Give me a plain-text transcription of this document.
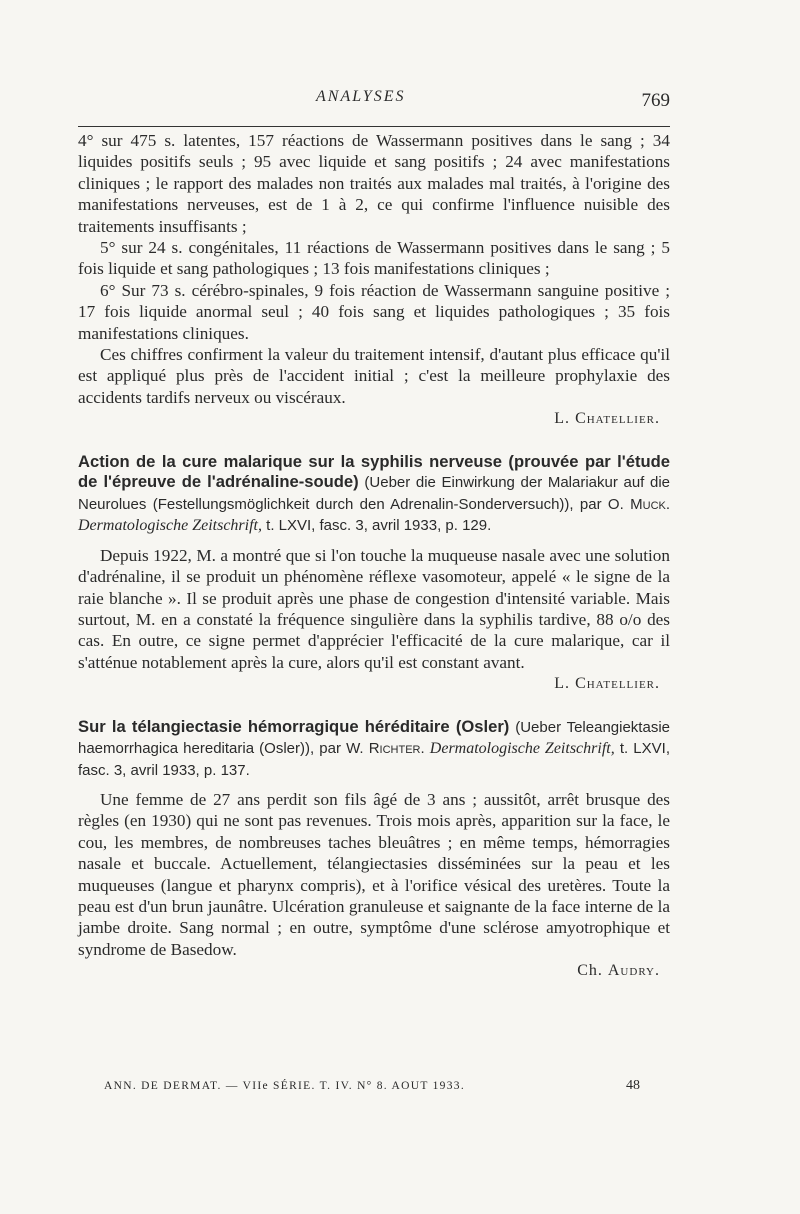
ANALYSES	769

4° sur 475 s. latentes, 157 réactions de Wassermann positives dans le sang ; 34 liquides positifs seuls ; 95 avec liquide et sang positifs ; 24 avec manifestations cliniques ; le rapport des malades non traités aux malades mal traités, à l'origine des manifestations nerveuses, est de 1 à 2, ce qui confirme l'influence nuisible des traitements insuffisants ;

5° sur 24 s. congénitales, 11 réactions de Wassermann positives dans le sang ; 5 fois liquide et sang pathologiques ; 13 fois manifestations cliniques ;

6° Sur 73 s. cérébro-spinales, 9 fois réaction de Wassermann sanguine positive ; 17 fois liquide anormal seul ; 40 fois sang et liquides pathologiques ; 35 fois manifestations cliniques.

Ces chiffres confirment la valeur du traitement intensif, d'autant plus efficace qu'il est appliqué plus près de l'accident initial ; c'est la meilleure prophylaxie des accidents tardifs nerveux ou viscéraux.

L. Chatellier.

Action de la cure malarique sur la syphilis nerveuse (prouvée par l'étude de l'épreuve de l'adrénaline-soude) (Ueber die Einwirkung der Malariakur auf die Neurolues (Festellungsmöglichkeit durch den Adrenalin-Sonderversuch)), par O. Muck. Dermatologische Zeitschrift, t. LXVI, fasc. 3, avril 1933, p. 129.

Depuis 1922, M. a montré que si l'on touche la muqueuse nasale avec une solution d'adrénaline, il se produit un phénomène réflexe vasomoteur, appelé « le signe de la raie blanche ». Il se produit après une phase de congestion d'intensité variable. Mais surtout, M. en a constaté la fréquence singulière dans la syphilis tardive, 88 o/o des cas. En outre, ce signe permet d'apprécier l'efficacité de la cure malarique, car il s'atténue notablement après la cure, alors qu'il est constant avant.

L. Chatellier.

Sur la télangiectasie hémorragique héréditaire (Osler) (Ueber Teleangiektasie haemorrhagica hereditaria (Osler)), par W. Richter. Dermatologische Zeitschrift, t. LXVI, fasc. 3, avril 1933, p. 137.

Une femme de 27 ans perdit son fils âgé de 3 ans ; aussitôt, arrêt brusque des règles (en 1930) qui ne sont pas revenues. Trois mois après, apparition sur la face, le cou, les membres, de nombreuses taches bleuâtres ; en même temps, hémorragies nasale et buccale. Actuellement, télangiectasies disséminées sur la peau et les muqueuses (langue et pharynx compris), et à l'orifice vésical des uretères. Toute la peau est d'un brun jaunâtre. Ulcération granuleuse et saignante de la face interne de la jambe droite. Sang normal ; en outre, symptôme d'une sclérose amyotrophique et syndrome de Basedow.

Ch. Audry.
ANN. DE DERMAT. — VIIe SÉRIE. T. IV. N° 8. AOUT 1933.	48
